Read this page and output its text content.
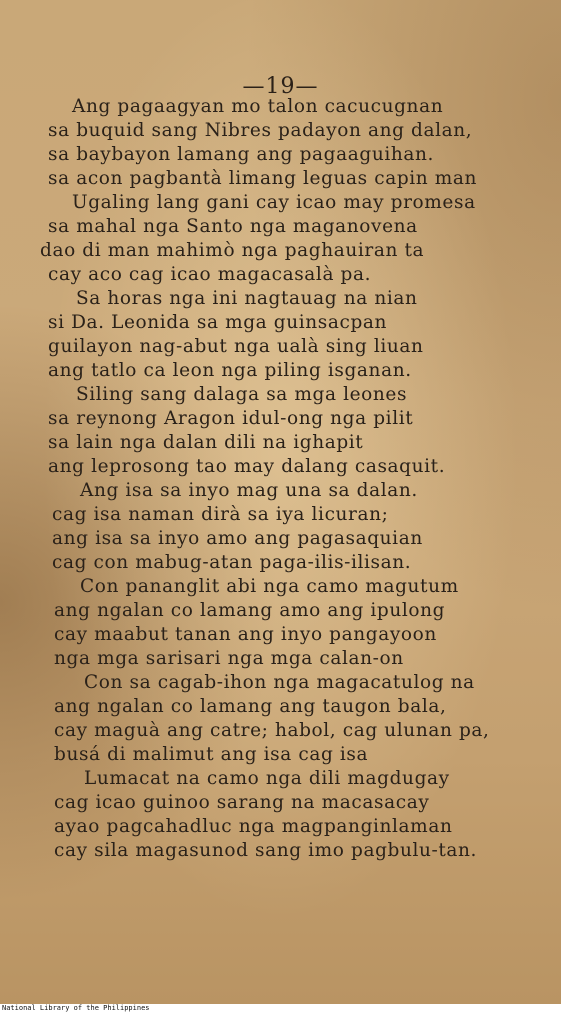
—19—
Ang pagaagyan mo talon cacucugnan
sa buquid sang Nibres padayon ang dalan,
sa baybayon lamang ang pagaaguihan.
sa acon pagbantà limang leguas capin man
Ugaling lang gani cay icao may promesa
sa mahal nga Santo nga maganovena
dao di man mahimò nga paghauiran ta
cay aco cag icao magacasalà pa.
Sa horas nga ini nagtauag na nian
si Da. Leonida sa mga guinsacpan
guilayon nag-abut nga ualà sing liuan
ang tatlo ca leon nga piling isganan.
Siling sang dalaga sa mga leones
sa reynong Aragon idul-ong nga pilit
sa lain nga dalan dili na ighapit
ang leprosong tao may dalang casaquit.
Ang isa sa inyo mag una sa dalan.
cag isa naman dirà sa iya licuran;
ang isa sa inyo amo ang pagasaquian
cag con mabug-atan paga-ilis-ilisan.
Con pananglit abi nga camo magutum
ang ngalan co lamang amo ang ipulong
cay maabut tanan ang inyo pangayoon
nga mga sarisari nga mga calan-on
Con sa cagab-ihon nga magacatulog na
ang ngalan co lamang ang taugon bala,
cay maguà ang catre; habol, cag ulunan pa,
busá di malimut ang isa cag isa
Lumacat na camo nga dili magdugay
cag icao guinoo sarang na macasacay
ayao pagcahadluc nga magpanginlaman
cay sila magasunod sang imo pagbulu-tan.
National Library of the Philippines
